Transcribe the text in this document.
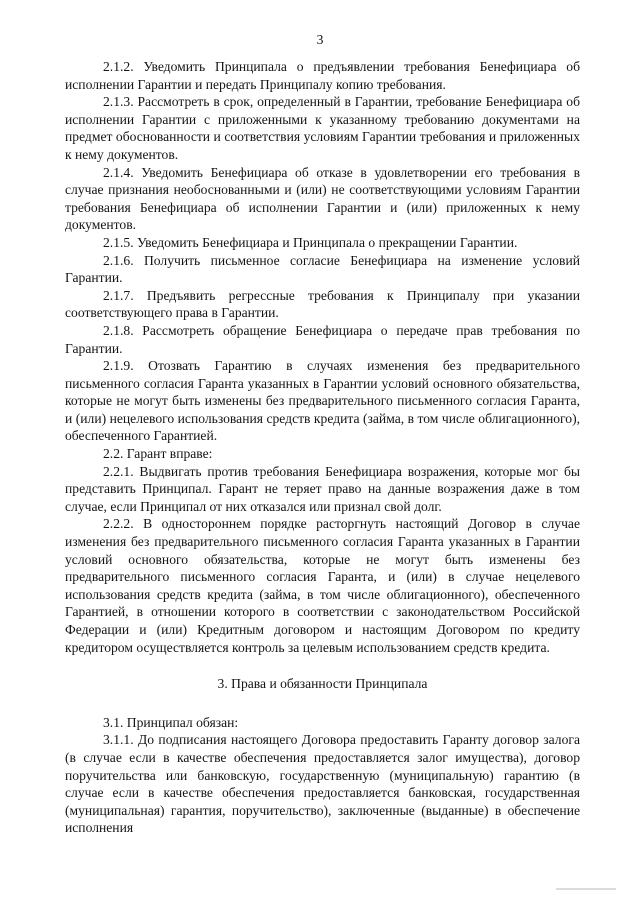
3

2.1.2. Уведомить Принципала о предъявлении требования Бенефициара об исполнении Гарантии и передать Принципалу копию требования.

2.1.3. Рассмотреть в срок, определенный в Гарантии, требование Бенефициара об исполнении Гарантии с приложенными к указанному требованию документами на предмет обоснованности и соответствия условиям Гарантии требования и приложенных к нему документов.

2.1.4. Уведомить Бенефициара об отказе в удовлетворении его требования в случае признания необоснованными и (или) не соответствующими условиям Гарантии требования Бенефициара об исполнении Гарантии и (или) приложенных к нему документов.

2.1.5. Уведомить Бенефициара и Принципала о прекращении Гарантии.

2.1.6. Получить письменное согласие Бенефициара на изменение условий Гарантии.

2.1.7. Предъявить регрессные требования к Принципалу при указании соответствующего права в Гарантии.

2.1.8. Рассмотреть обращение Бенефициара о передаче прав требования по Гарантии.

2.1.9. Отозвать Гарантию в случаях изменения без предварительного письменного согласия Гаранта указанных в Гарантии условий основного обязательства, которые не могут быть изменены без предварительного письменного согласия Гаранта, и (или) нецелевого использования средств кредита (займа, в том числе облигационного), обеспеченного Гарантией.

2.2. Гарант вправе:

2.2.1. Выдвигать против требования Бенефициара возражения, которые мог бы представить Принципал. Гарант не теряет право на данные возражения даже в том случае, если Принципал от них отказался или признал свой долг.

2.2.2. В одностороннем порядке расторгнуть настоящий Договор в случае изменения без предварительного письменного согласия Гаранта указанных в Гарантии условий основного обязательства, которые не могут быть изменены без предварительного письменного согласия Гаранта, и (или) в случае нецелевого использования средств кредита (займа, в том числе облигационного), обеспеченного Гарантией, в отношении которого в соответствии с законодательством Российской Федерации и (или) Кредитным договором и настоящим Договором по кредиту кредитором осуществляется контроль за целевым использованием средств кредита.

3. Права и обязанности Принципала

3.1. Принципал обязан:

3.1.1. До подписания настоящего Договора предоставить Гаранту договор залога (в случае если в качестве обеспечения предоставляется залог имущества), договор поручительства или банковскую, государственную (муниципальную) гарантию (в случае если в качестве обеспечения предоставляется банковская, государственная (муниципальная) гарантия, поручительство), заключенные (выданные) в обеспечение исполнения
